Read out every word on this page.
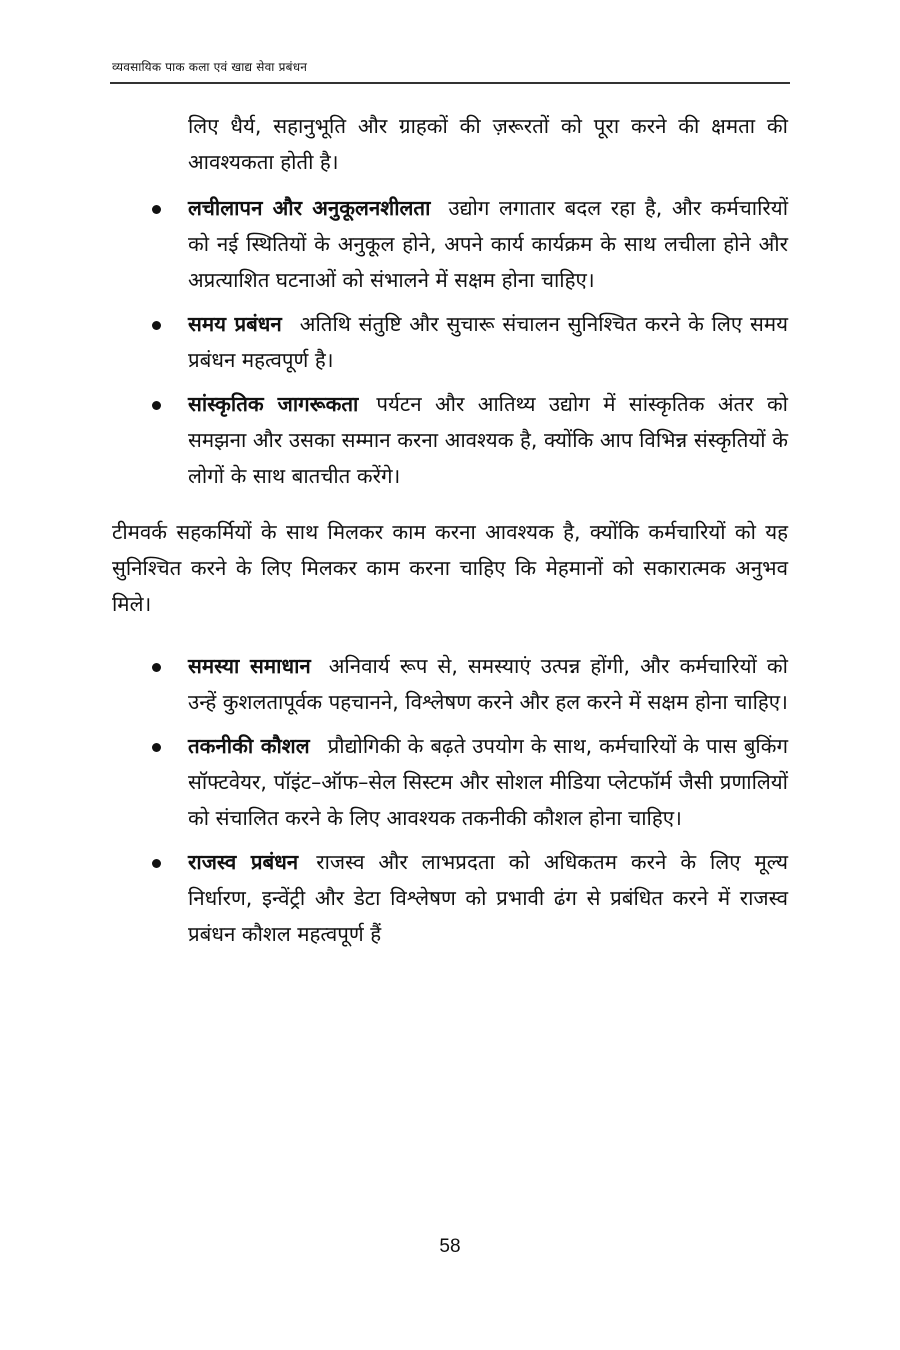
व्यवसायिक पाक कला एवं खाद्य सेवा प्रबंधन

लिए धैर्य, सहानुभूति और ग्राहकों की ज़रूरतों को पूरा करने की क्षमता की आवश्यकता होती है।

लचीलापन और अनुकूलनशीलता उद्योग लगातार बदल रहा है, और कर्मचारियों को नई स्थितियों के अनुकूल होने, अपने कार्य कार्यक्रम के साथ लचीला होने और अप्रत्याशित घटनाओं को संभालने में सक्षम होना चाहिए।
समय प्रबंधन अतिथि संतुष्टि और सुचारू संचालन सुनिश्चित करने के लिए समय प्रबंधन महत्वपूर्ण है।
सांस्कृतिक जागरूकता पर्यटन और आतिथ्य उद्योग में सांस्कृतिक अंतर को समझना और उसका सम्मान करना आवश्यक है, क्योंकि आप विभिन्न संस्कृतियों के लोगों के साथ बातचीत करेंगे।

टीमवर्क सहकर्मियों के साथ मिलकर काम करना आवश्यक है, क्योंकि कर्मचारियों को यह सुनिश्चित करने के लिए मिलकर काम करना चाहिए कि मेहमानों को सकारात्मक अनुभव मिले।

समस्या समाधान अनिवार्य रूप से, समस्याएं उत्पन्न होंगी, और कर्मचारियों को उन्हें कुशलतापूर्वक पहचानने, विश्लेषण करने और हल करने में सक्षम होना चाहिए।
तकनीकी कौशल प्रौद्योगिकी के बढ़ते उपयोग के साथ, कर्मचारियों के पास बुकिंग सॉफ्टवेयर, पॉइंट–ऑफ–सेल सिस्टम और सोशल मीडिया प्लेटफॉर्म जैसी प्रणालियों को संचालित करने के लिए आवश्यक तकनीकी कौशल होना चाहिए।
राजस्व प्रबंधन राजस्व और लाभप्रदता को अधिकतम करने के लिए मूल्य निर्धारण, इन्वेंट्री और डेटा विश्लेषण को प्रभावी ढंग से प्रबंधित करने में राजस्व प्रबंधन कौशल महत्वपूर्ण हैं
58
